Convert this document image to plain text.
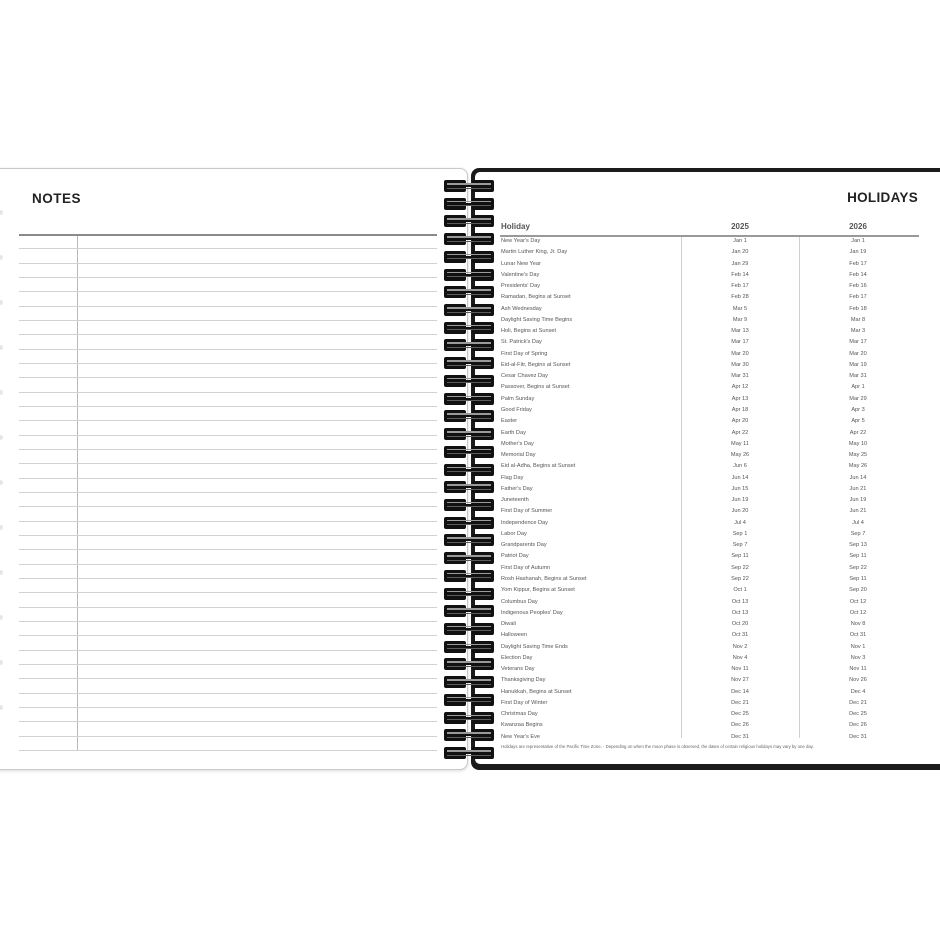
NOTES	HOLIDAYS
Holiday	2025	2026
New Year's Day	Jan 1	Jan 1
Martin Luther King, Jr. Day	Jan 20	Jan 19
Lunar New Year	Jan 29	Feb 17
Valentine's Day	Feb 14	Feb 14
Presidents' Day	Feb 17	Feb 16
Ramadan, Begins at Sunset	Feb 28	Feb 17
Ash Wednesday	Mar 5	Feb 18
Daylight Saving Time Begins	Mar 9	Mar 8
Holi, Begins at Sunset	Mar 13	Mar 3
St. Patrick's Day	Mar 17	Mar 17
First Day of Spring	Mar 20	Mar 20
Eid-al-Fitr, Begins at Sunset	Mar 30	Mar 19
Cesar Chavez Day	Mar 31	Mar 31
Passover, Begins at Sunset	Apr 12	Apr 1
Palm Sunday	Apr 13	Mar 29
Good Friday	Apr 18	Apr 3
Easter	Apr 20	Apr 5
Earth Day	Apr 22	Apr 22
Mother's Day	May 11	May 10
Memorial Day	May 26	May 25
Eid al-Adha, Begins at Sunset	Jun 6	May 26
Flag Day	Jun 14	Jun 14
Father's Day	Jun 15	Jun 21
Juneteenth	Jun 19	Jun 19
First Day of Summer	Jun 20	Jun 21
Independence Day	Jul 4	Jul 4
Labor Day	Sep 1	Sep 7
Grandparents Day	Sep 7	Sep 13
Patriot Day	Sep 11	Sep 11
First Day of Autumn	Sep 22	Sep 22
Rosh Hashanah, Begins at Sunset	Sep 22	Sep 11
Yom Kippur, Begins at Sunset	Oct 1	Sep 20
Columbus Day	Oct 13	Oct 12
Indigenous Peoples' Day	Oct 13	Oct 12
Diwali	Oct 20	Nov 8
Halloween	Oct 31	Oct 31
Daylight Saving Time Ends	Nov 2	Nov 1
Election Day	Nov 4	Nov 3
Veterans Day	Nov 11	Nov 11
Thanksgiving Day	Nov 27	Nov 26
Hanukkah, Begins at Sunset	Dec 14	Dec 4
First Day of Winter	Dec 21	Dec 21
Christmas Day	Dec 25	Dec 25
Kwanzaa Begins	Dec 26	Dec 26
New Year's Eve	Dec 31	Dec 31
Holidays are representative of the Pacific Time Zone. · Depending on when the moon phase is observed, the dates of certain religious holidays may vary by one day.
